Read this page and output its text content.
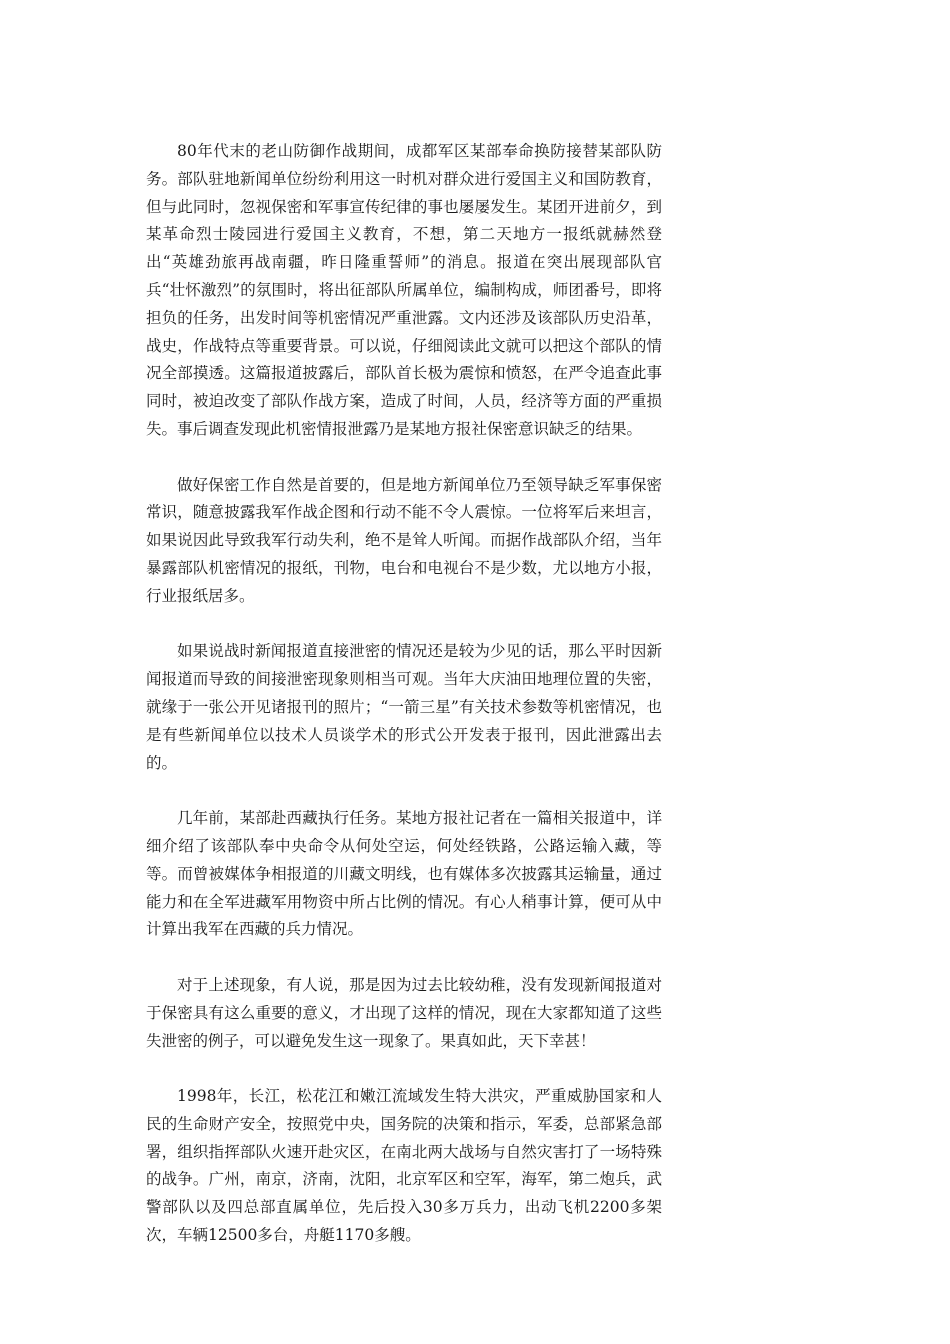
80年代末的老山防御作战期间，成都军区某部奉命换防接替某部队防务。部队驻地新闻单位纷纷利用这一时机对群众进行爱国主义和国防教育，但与此同时，忽视保密和军事宣传纪律的事也屡屡发生。某团开进前夕，到某革命烈士陵园进行爱国主义教育，不想，第二天地方一报纸就赫然登出“英雄劲旅再战南疆，昨日隆重誓师”的消息。报道在突出展现部队官兵“壮怀激烈”的氛围时，将出征部队所属单位，编制构成，师团番号，即将担负的任务，出发时间等机密情况严重泄露。文内还涉及该部队历史沿革，战史，作战特点等重要背景。可以说，仔细阅读此文就可以把这个部队的情况全部摸透。这篇报道披露后，部队首长极为震惊和愤怒，在严令追查此事同时，被迫改变了部队作战方案，造成了时间，人员，经济等方面的严重损失。事后调查发现此机密情报泄露乃是某地方报社保密意识缺乏的结果。

做好保密工作自然是首要的，但是地方新闻单位乃至领导缺乏军事保密常识，随意披露我军作战企图和行动不能不令人震惊。一位将军后来坦言，如果说因此导致我军行动失利，绝不是耸人听闻。而据作战部队介绍，当年暴露部队机密情况的报纸，刊物，电台和电视台不是少数，尤以地方小报，行业报纸居多。

如果说战时新闻报道直接泄密的情况还是较为少见的话，那么平时因新闻报道而导致的间接泄密现象则相当可观。当年大庆油田地理位置的失密，就缘于一张公开见诸报刊的照片；“一箭三星”有关技术参数等机密情况，也是有些新闻单位以技术人员谈学术的形式公开发表于报刊，因此泄露出去的。

几年前，某部赴西藏执行任务。某地方报社记者在一篇相关报道中，详细介绍了该部队奉中央命令从何处空运，何处经铁路，公路运输入藏，等等。而曾被媒体争相报道的川藏文明线，也有媒体多次披露其运输量，通过能力和在全军进藏军用物资中所占比例的情况。有心人稍事计算，便可从中计算出我军在西藏的兵力情况。

对于上述现象，有人说，那是因为过去比较幼稚，没有发现新闻报道对于保密具有这么重要的意义，才出现了这样的情况，现在大家都知道了这些失泄密的例子，可以避免发生这一现象了。果真如此，天下幸甚！

1998年，长江，松花江和嫩江流域发生特大洪灾，严重威胁国家和人民的生命财产安全，按照党中央，国务院的决策和指示，军委，总部紧急部署，组织指挥部队火速开赴灾区，在南北两大战场与自然灾害打了一场特殊的战争。广州，南京，济南，沈阳，北京军区和空军，海军，第二炮兵，武警部队以及四总部直属单位，先后投入30多万兵力，出动飞机2200多架次，车辆12500多台，舟艇1170多艘。
